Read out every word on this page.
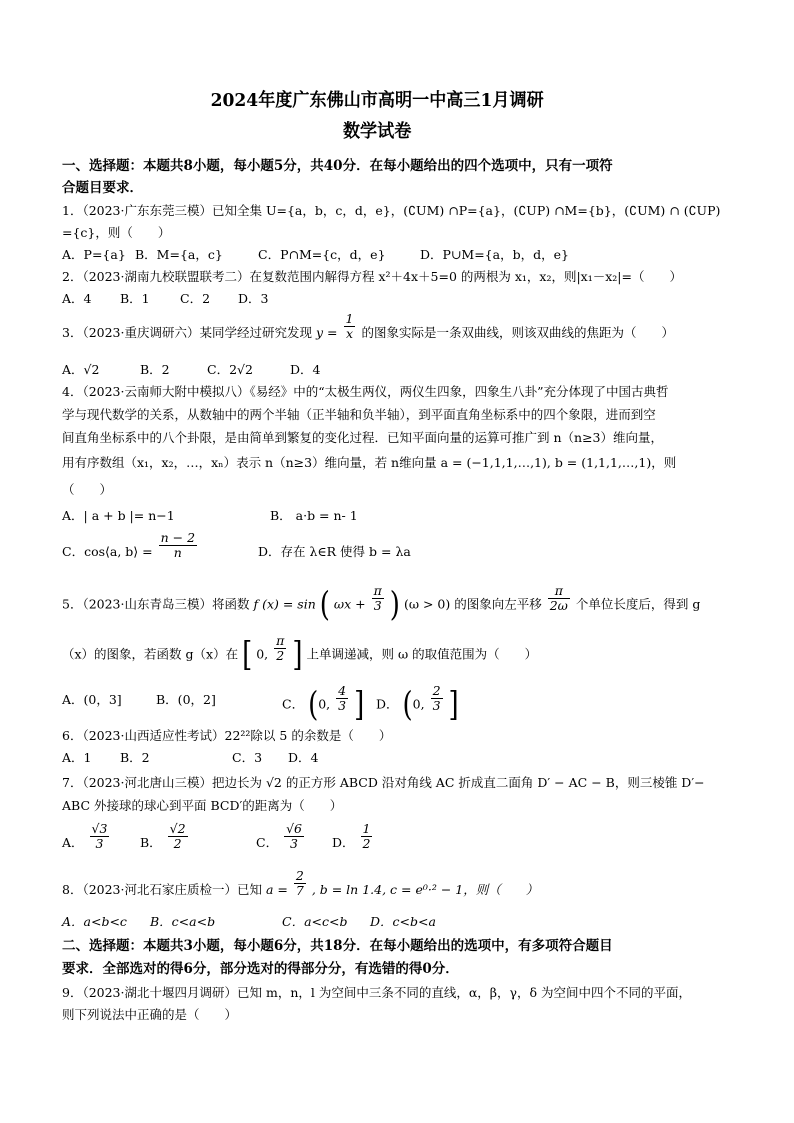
2024年度广东佛山市高明一中高三1月调研
数学试卷
一、选择题：本题共8小题，每小题5分，共40分．在每小题给出的四个选项中，只有一项符
合题目要求．
1．（2023·广东东莞三模）已知全集 U={a，b，c，d，e}，(∁UM) ∩P={a}，(∁UP) ∩M={b}，(∁UM) ∩ (∁UP)
={c}，则（　　）
A．P={a} B．M={a，c}	C．P∩M={c，d，e}	D．P∪M={a，b，d，e}
2．（2023·湖南九校联盟联考二）在复数范围内解得方程 x²＋4x＋5=0 的两根为 x₁，x₂，则|x₁－x₂|=（　　）
A．4 B．1 C．2 D．3
3．（2023·重庆调研六）某同学经过研究发现 $y = \frac{1}{x}$ 的图象实际是一条双曲线，则该双曲线的焦距为（　　）
A．√2	B．2	C．2√2	D．4
4．（2023·云南师大附中模拟八）《易经》中的“太极生两仪，两仪生四象，四象生八卦”充分体现了中国古典哲
学与现代数学的关系，从数轴中的两个半轴（正半轴和负半轴），到平面直角坐标系中的四个象限，进而到空
间直角坐标系中的八个卦限，是由简单到繁复的变化过程．已知平面向量的运算可推广到 n（n≥3）维向量，
用有序数组（x₁，x₂，…，xₙ）表示 n（n≥3）维向量，若 n维向量 a = (−1,1,1,…,1), b = (1,1,1,…,1)，则
（　　）
A．| a + b |= n−1	B． a·b = n- 1
C．cos⟨a, b⟩ = $\frac{n - 2}{n}$	D．存在 λ∈R 使得 b = λa
5．（2023·山东青岛三模）将函数 f (x) = sin ( $\omega x + \frac{\pi}{3}$ ) (ω > 0) 的图象向左平移 $\frac{\pi}{2\omega}$ 个单位长度后，得到 g
（x）的图象，若函数 g（x）在 [ 0, $\frac{\pi}{2}$ ] 上单调递减，则 ω 的取值范围为（　　）
A．(0，3]	B．(0，2]	C． (0, $\frac{4}{3}$ ] D． (0, $\frac{2}{3}$ ]
6．（2023·山西适应性考试）22²²除以 5 的余数是（　　）
A．1 B．2	C．3 D．4
7．（2023·河北唐山三模）把边长为 √2 的正方形 ABCD 沿对角线 AC 折成直二面角 D′ − AC − B，则三棱锥 D′−
ABC 外接球的球心到平面 BCD′的距离为（　　）
A． $\frac{√3}{3}$ B． $\frac{√2}{2}$	C． $\frac{√6}{3}$ D． $\frac{1}{2}$
8．（2023·河北石家庄质检一）已知 $a = \frac{2}{7}$ , b = ln 1.4, c = e⁰·² − 1，则（　　）
A．a<b<c B．c<a<b	C．a<c<b D．c<b<a
二、选择题：本题共3小题，每小题6分，共18分．在每小题给出的选项中，有多项符合题目
要求．全部选对的得6分，部分选对的得部分分，有选错的得0分．
9．（2023·湖北十堰四月调研）已知 m，n，l 为空间中三条不同的直线，α，β，γ，δ 为空间中四个不同的平面，
则下列说法中正确的是（　　）
